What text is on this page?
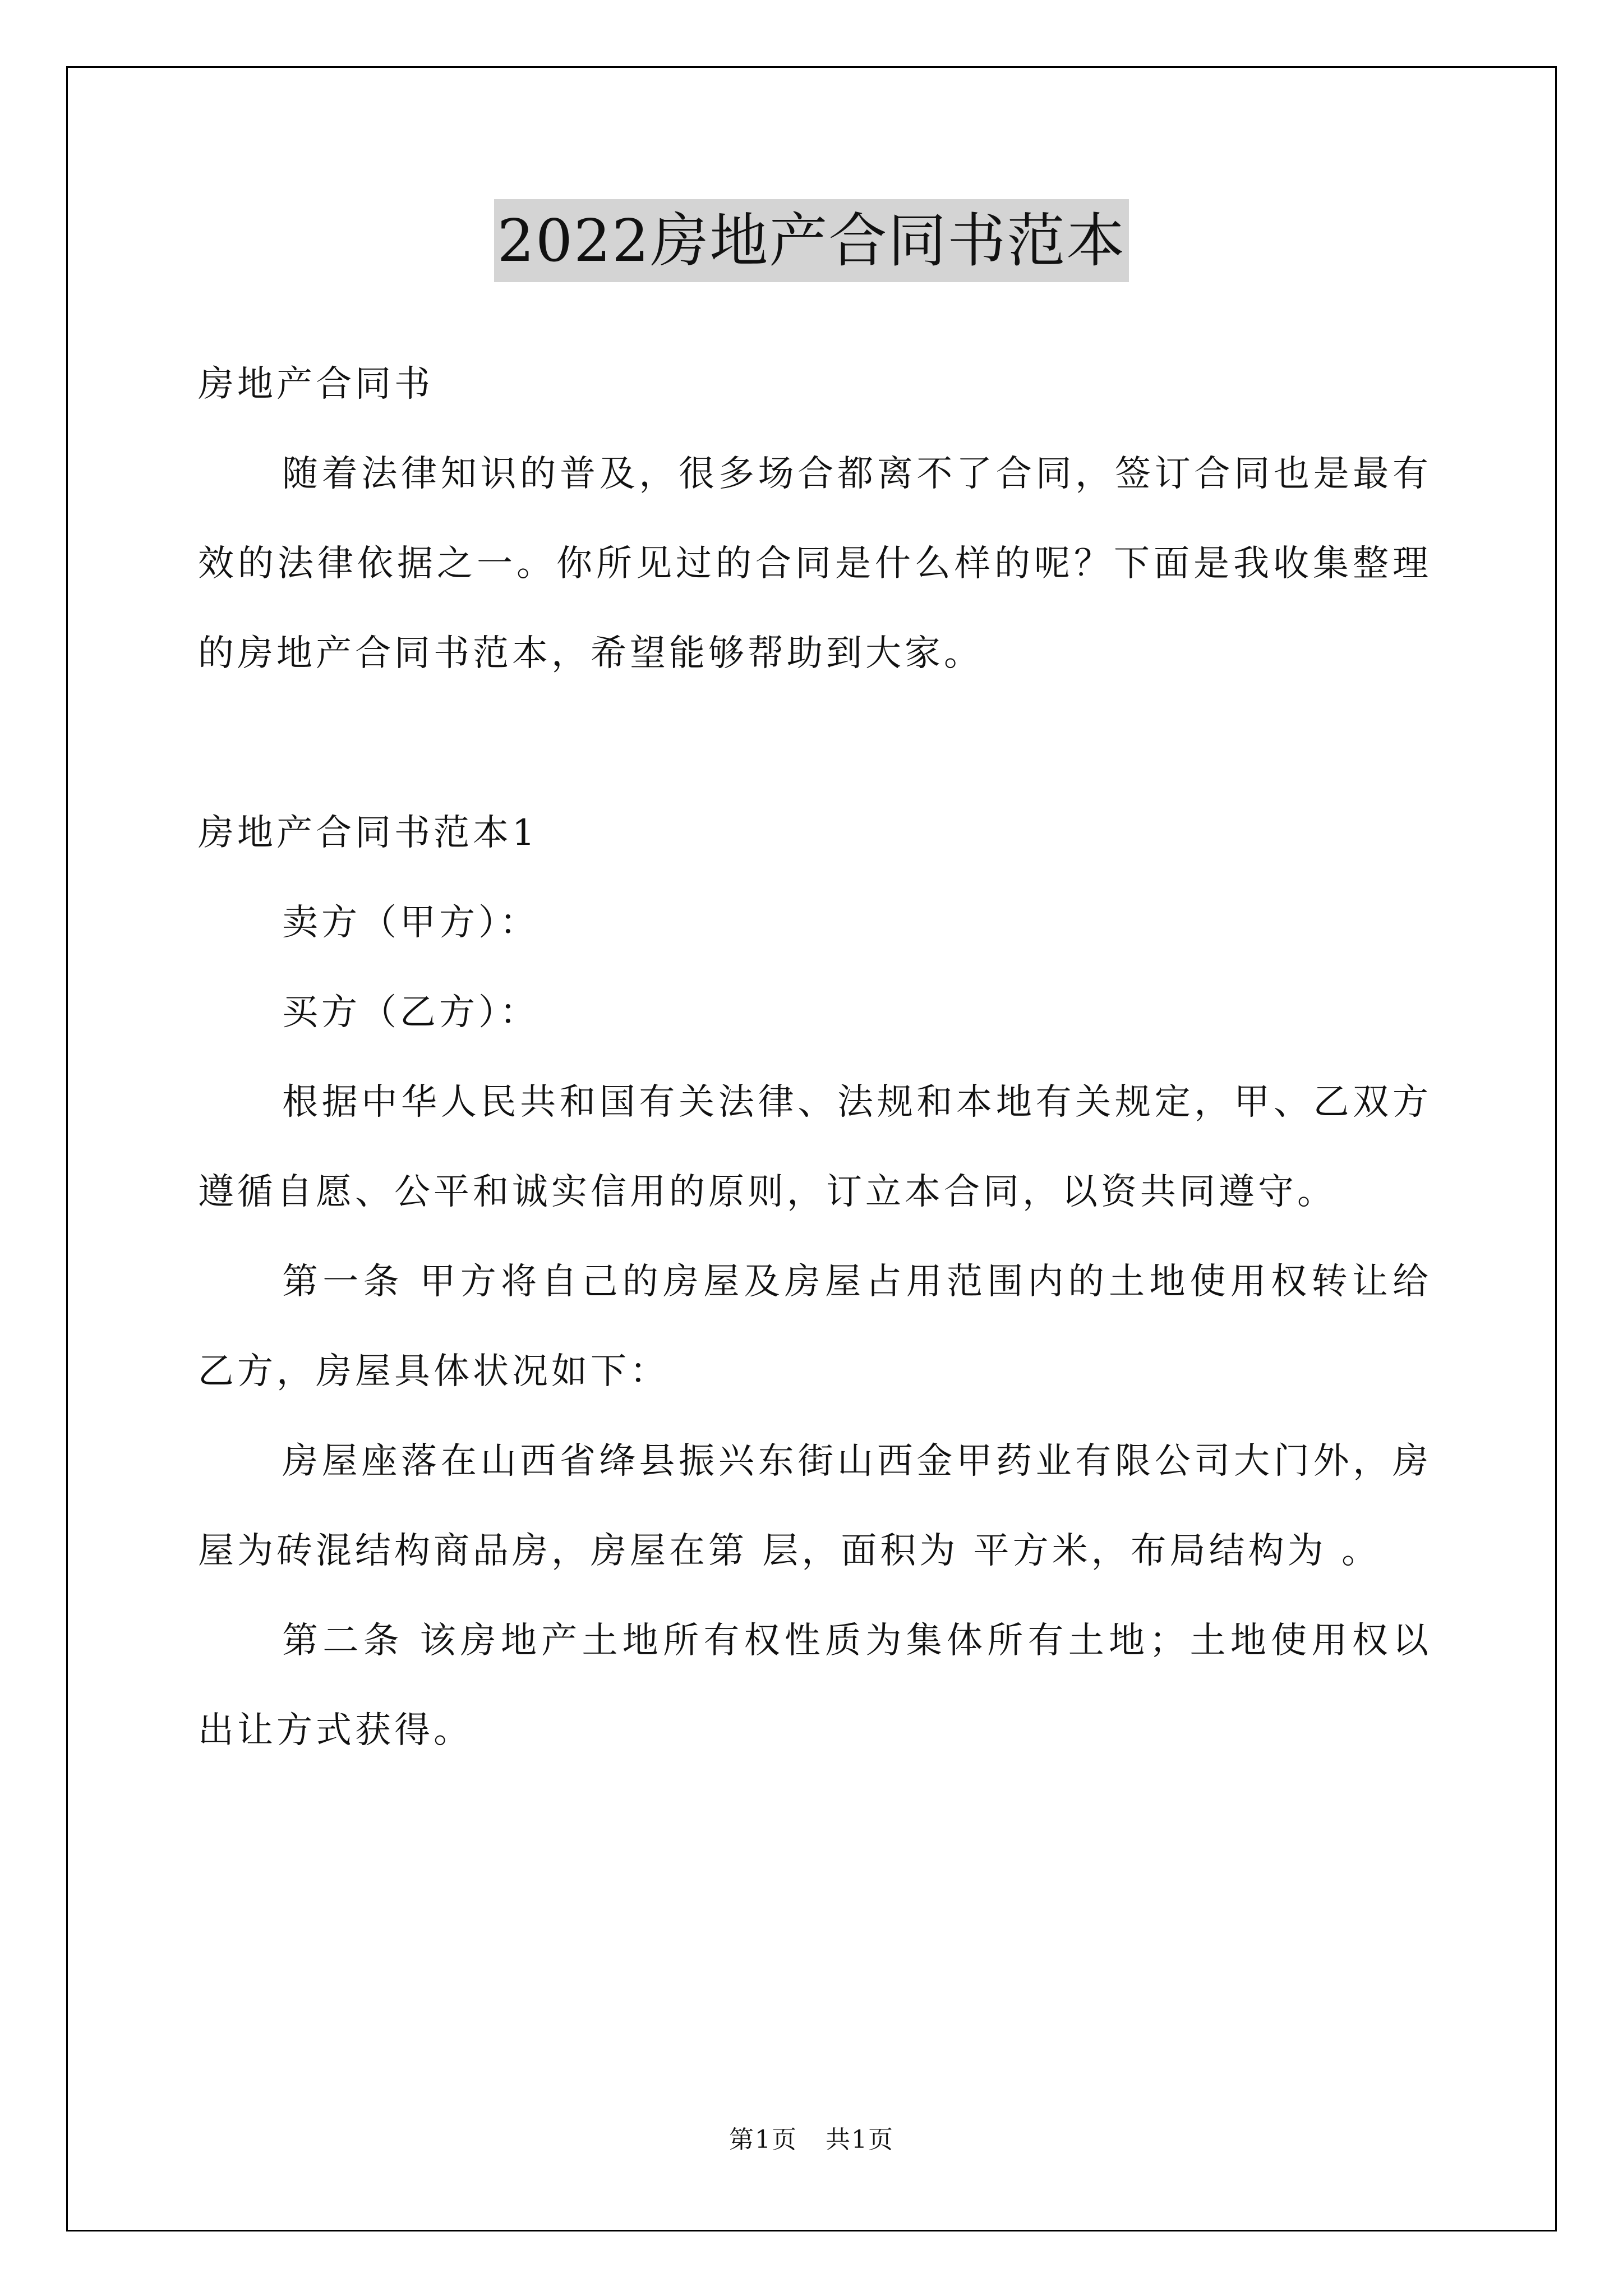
2022房地产合同书范本

房地产合同书

随着法律知识的普及，很多场合都离不了合同，签订合同也是最有效的法律依据之一。你所见过的合同是什么样的呢？下面是我收集整理的房地产合同书范本，希望能够帮助到大家。

房地产合同书范本1

卖方（甲方）：

买方（乙方）：

根据中华人民共和国有关法律、法规和本地有关规定，甲、乙双方遵循自愿、公平和诚实信用的原则，订立本合同，以资共同遵守。

第一条 甲方将自己的房屋及房屋占用范围内的土地使用权转让给乙方，房屋具体状况如下：

房屋座落在山西省绛县振兴东街山西金甲药业有限公司大门外，房屋为砖混结构商品房，房屋在第 层，面积为 平方米，布局结构为 。

第二条 该房地产土地所有权性质为集体所有土地；土地使用权以出让方式获得。

第1页 共1页
